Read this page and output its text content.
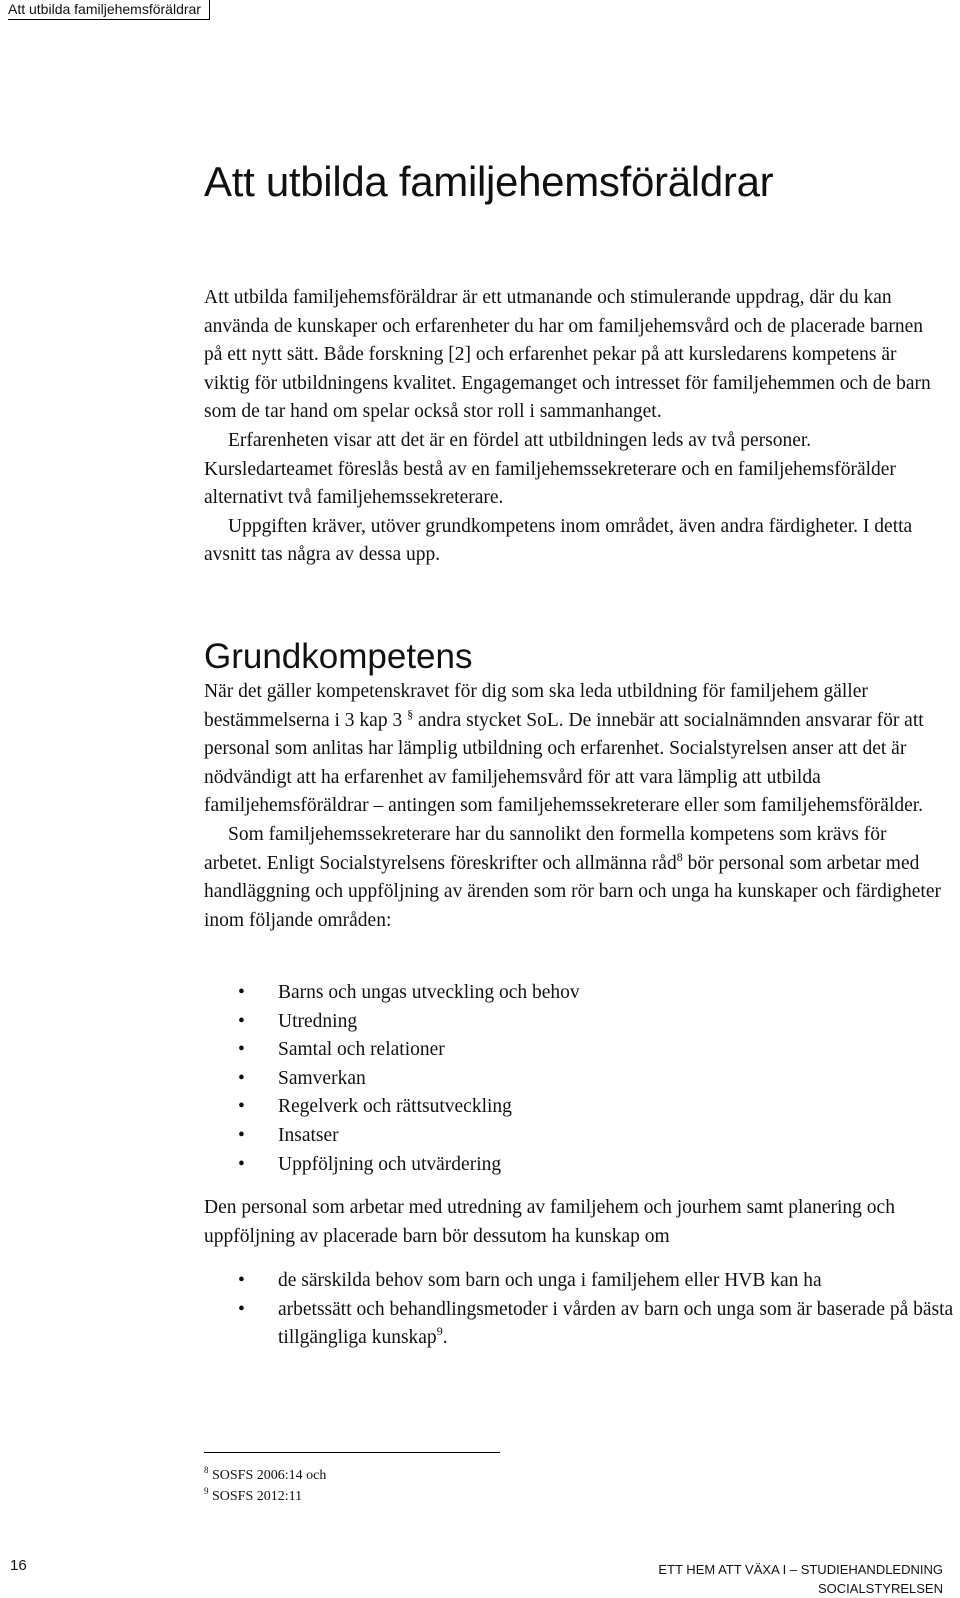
Att utbilda familjehemsföräldrar
Att utbilda familjehemsföräldrar

Att utbilda familjehemsföräldrar är ett utmanande och stimulerande uppdrag, där du kan använda de kunskaper och erfarenheter du har om familjehemsvård och de placerade barnen på ett nytt sätt. Både forskning [2] och erfarenhet pekar på att kursledarens kompetens är viktig för utbildningens kvalitet. Engagemanget och intresset för familjehemmen och de barn som de tar hand om spelar också stor roll i sammanhanget.

Erfarenheten visar att det är en fördel att utbildningen leds av två personer. Kursledarteamet föreslås bestå av en familjehemssekreterare och en familjehemsförälder alternativt två familjehemssekreterare.

Uppgiften kräver, utöver grundkompetens inom området, även andra färdigheter. I detta avsnitt tas några av dessa upp.

Grundkompetens

När det gäller kompetenskravet för dig som ska leda utbildning för familjehem gäller bestämmelserna i 3 kap 3 § andra stycket SoL. De innebär att socialnämnden ansvarar för att personal som anlitas har lämplig utbildning och erfarenhet. Socialstyrelsen anser att det är nödvändigt att ha erfarenhet av familjehemsvård för att vara lämplig att utbilda familjehemsföräldrar – antingen som familjehemssekreterare eller som familjehemsförälder.

Som familjehemssekreterare har du sannolikt den formella kompetens som krävs för arbetet. Enligt Socialstyrelsens föreskrifter och allmänna råd$^8$ bör personal som arbetar med handläggning och uppföljning av ärenden som rör barn och unga ha kunskaper och färdigheter inom följande områden:

• Barns och ungas utveckling och behov
• Utredning
• Samtal och relationer
• Samverkan
• Regelverk och rättsutveckling
• Insatser
• Uppföljning och utvärdering

Den personal som arbetar med utredning av familjehem och jourhem samt planering och uppföljning av placerade barn bör dessutom ha kunskap om

• de särskilda behov som barn och unga i familjehem eller HVB kan ha
• arbetssätt och behandlingsmetoder i vården av barn och unga som är baserade på bästa tillgängliga kunskap$^9$.
$^8$ SOSFS 2006:14 och
$^9$ SOSFS 2012:11
16	ETT HEM ATT VÄXA I – STUDIEHANDLEDNING
SOCIALSTYRELSEN
